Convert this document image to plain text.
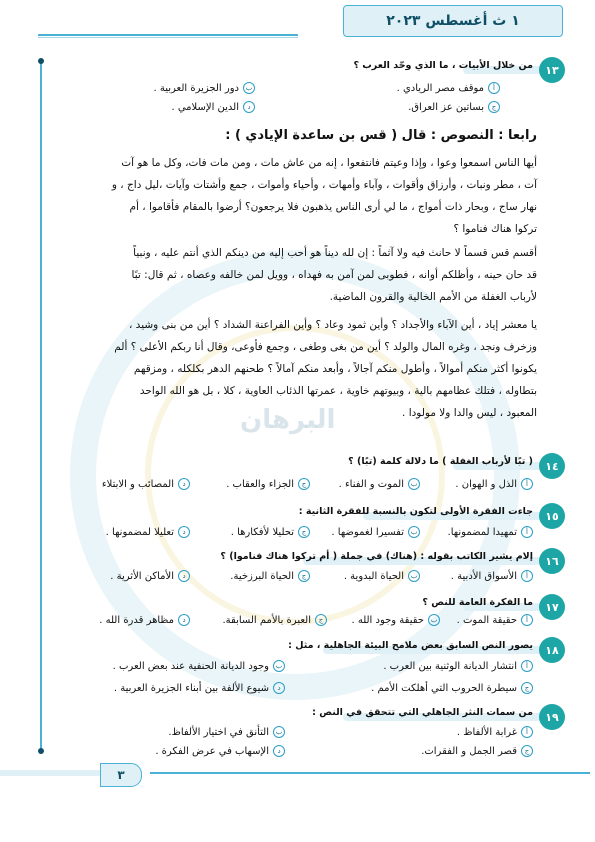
البرهان
١ ث أغسطس ٢٠٢٣
١٣
من خلال الأبيات ، ما الذي وحّد العرب ؟
أ
موقف مصر الريادي .
ب
دور الجزيرة العربية .
ج
بساتين عز العراق.
د
الدين الإسلامي .
رابعا : النصوص : قال ( قس بن ساعدة الإيادي ) :
أيها الناس اسمعوا وعوا ، وإذا وعيتم فانتفعوا ، إنه من عاش مات ، ومن مات فات، وكل ما هو آت
آت ، مطر ونبات ، وأرزاق وأقوات ، وآباء وأمهات ، وأحياء وأموات ، جمع وأشتات وآيات ،ليل داج ، و
نهار ساج ، وبحار ذات أمواج ، ما لي أرى الناس يذهبون فلا يرجعون؟ أرضوا بالمقام فأقاموا ، أم
تركوا هناك فناموا ؟
أقسم قس قسماً لا حانث فيه ولا آثماً : إن لله ديناً هو أحب إليه من دينكم الذي أنتم عليه ، ونبياً
قد حان حينه ، وأظلكم أوانه ، فطوبى لمن آمن به فهداه ، وويل لمن خالفه وعصاه ، ثم قال: تبًا
لأرباب الغفلة من الأمم الخالية والقرون الماضية.
يا معشر إياد ، أين الآباء والأجداد ؟ وأين ثمود وعاد ؟ وأين الفراعنة الشداد ؟ أين من بنى وشيد ،
وزخرف ونجد ، وغره المال والولد ؟ أين من بغى وطغى ، وجمع فأوعى، وقال أنا ربكم الأعلى ؟ ألم
يكونوا أكثر منكم أموالاً ، وأطول منكم آجالاً ، وأبعد منكم آمالاً ؟ طحنهم الدهر بكلكله ، ومزقهم
بتطاوله ، فتلك عظامهم بالية ، وبيوتهم خاوية ، عمرتها الذئاب العاوية ، كلا ، بل هو الله الواحد
المعبود ، ليس والدا ولا مولودا .
١٤
( تبًا لأرباب الغفلة ) ما دلالة كلمة (تبًا) ؟
أ
الذل و الهوان .
ب
الموت و الفناء .
ج
الجزاء والعقاب .
د
المصائب و الابتلاء
١٥
جاءت الفقرة الأولى لتكون بالنسبة للفقرة الثانية :
أ
تمهيدا لمضمونها.
ب
تفسيرا لغموضها .
ج
تحليلا لأفكارها .
د
تعليلا لمضمونها .
١٦
إلام يشير الكاتب بقوله : (هناك) في جملة ( أم تركوا هناك فناموا) ؟
أ
الأسواق الأدبية .
ب
الحياة البدوية .
ج
الحياة البرزخية.
د
الأماكن الأثرية .
١٧
ما الفكرة العامة للنص ؟
أ
حقيقة الموت .
ب
حقيقة وجود الله .
ج
العبرة بالأمم السابقة.
د
مظاهر قدرة الله .
١٨
يصور النص السابق بعض ملامح البيئة الجاهلية ، مثل :
أ
انتشار الديانة الوثنية بين العرب .
ب
وجود الديانة الحنفية عند بعض العرب .
ج
سيطرة الحروب التي أهلكت الأمم .
د
شيوع الألفة بين أبناء الجزيرة العربية .
١٩
من سمات النثر الجاهلي التي تتحقق في النص :
أ
غرابة الألفاظ .
ب
التأنق في اختيار الألفاظ.
ج
قصر الجمل و الفقرات.
د
الإسهاب في عرض الفكرة .
٣
